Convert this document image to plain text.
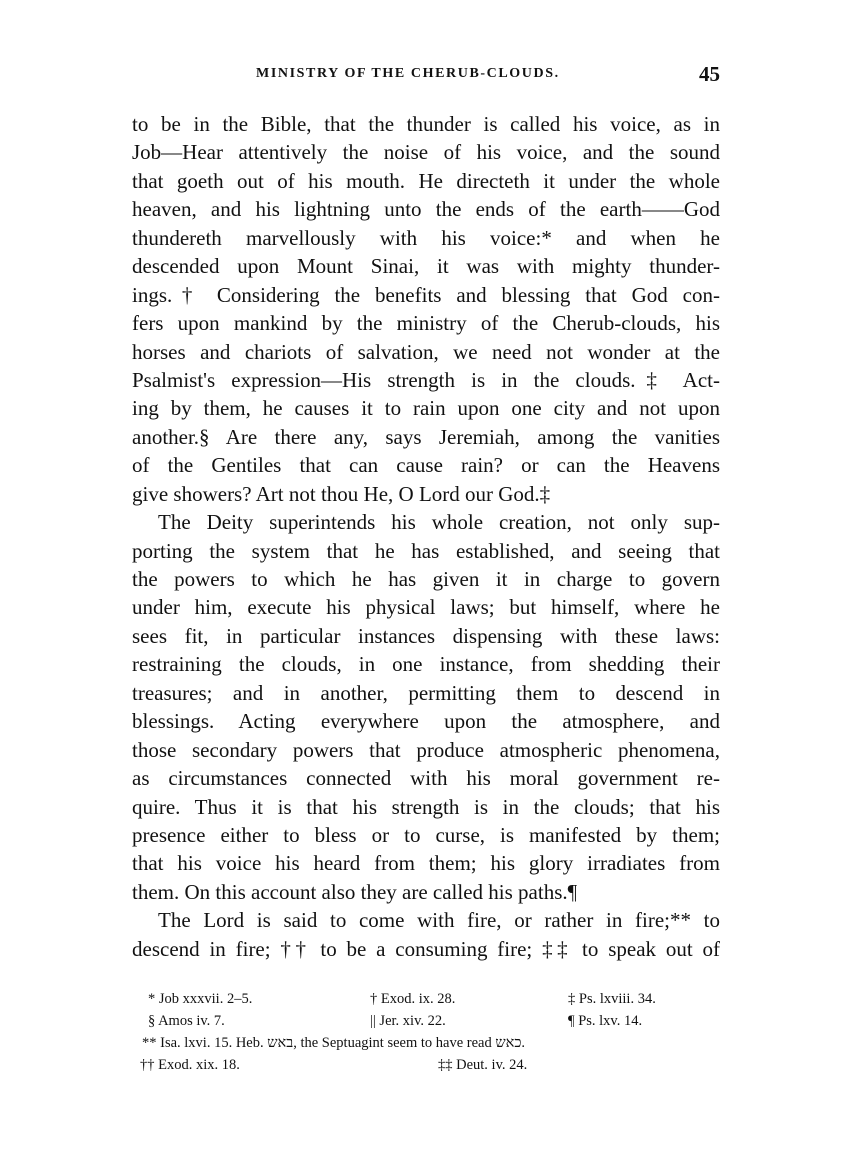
MINISTRY OF THE CHERUB-CLOUDS.	45
to be in the Bible, that the thunder is called his voice, as in
Job—Hear attentively the noise of his voice, and the sound
that goeth out of his mouth. He directeth it under the whole
heaven, and his lightning unto the ends of the earth——God
thundereth marvellously with his voice:* and when he
descended upon Mount Sinai, it was with mighty thunder-
ings.† Considering the benefits and blessing that God con-
fers upon mankind by the ministry of the Cherub-clouds, his
horses and chariots of salvation, we need not wonder at the
Psalmist's expression—His strength is in the clouds.‡ Act-
ing by them, he causes it to rain upon one city and not upon
another.§ Are there any, says Jeremiah, among the vanities
of the Gentiles that can cause rain? or can the Heavens
give showers? Art not thou He, O Lord our God.‡
The Deity superintends his whole creation, not only sup-
porting the system that he has established, and seeing that
the powers to which he has given it in charge to govern
under him, execute his physical laws; but himself, where he
sees fit, in particular instances dispensing with these laws:
restraining the clouds, in one instance, from shedding their
treasures; and in another, permitting them to descend in
blessings. Acting everywhere upon the atmosphere, and
those secondary powers that produce atmospheric phenomena,
as circumstances connected with his moral government re-
quire. Thus it is that his strength is in the clouds; that his
presence either to bless or to curse, is manifested by them;
that his voice his heard from them; his glory irradiates from
them. On this account also they are called his paths.¶
The Lord is said to come with fire, or rather in fire;** to
descend in fire; †† to be a consuming fire; ‡‡ to speak out of
* Job xxxvii. 2–5.	† Exod. ix. 28.	‡ Ps. lxviii. 34.
§ Amos iv. 7.	|| Jer. xiv. 22.	¶ Ps. lxv. 14.
** Isa. lxvi. 15. Heb. באש, the Septuagint seem to have read כאש.
†† Exod. xix. 18.	‡‡ Deut. iv. 24.
